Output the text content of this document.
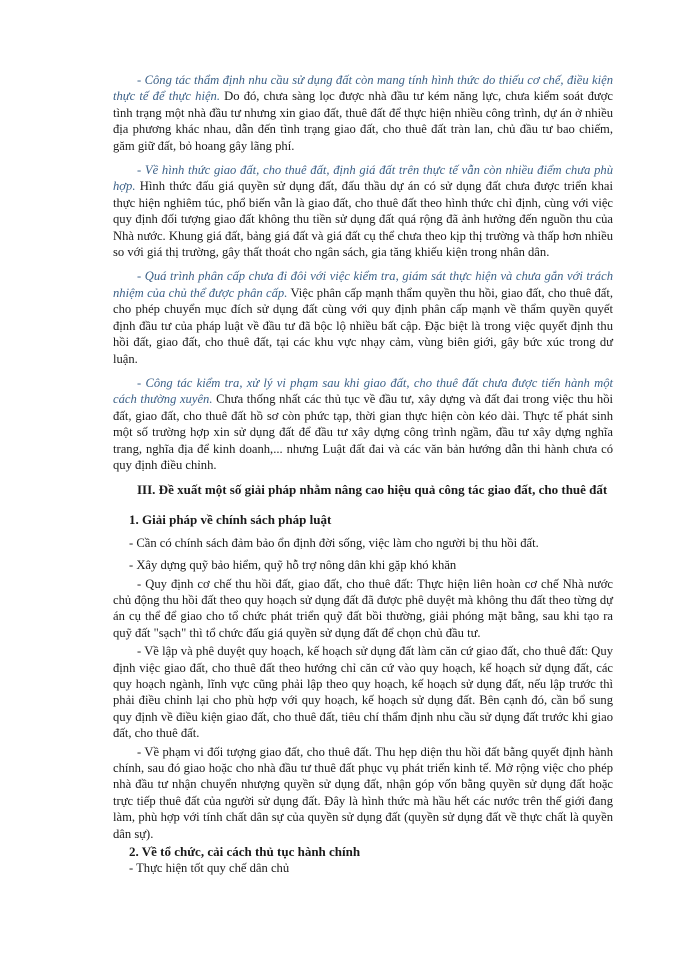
- Công tác thẩm định nhu cầu sử dụng đất còn mang tính hình thức do thiếu cơ chế, điều kiện thực tế để thực hiện. Do đó, chưa sàng lọc được nhà đầu tư kém năng lực, chưa kiểm soát được tình trạng một nhà đầu tư nhưng xin giao đất, thuê đất để thực hiện nhiều công trình, dự án ở nhiều địa phương khác nhau, dẫn đến tình trạng giao đất, cho thuê đất tràn lan, chủ đầu tư bao chiếm, găm giữ đất, bỏ hoang gây lãng phí.

- Về hình thức giao đất, cho thuê đất, định giá đất trên thực tế vẫn còn nhiều điểm chưa phù hợp. Hình thức đấu giá quyền sử dụng đất, đấu thầu dự án có sử dụng đất chưa được triển khai thực hiện nghiêm túc, phổ biến vẫn là giao đất, cho thuê đất theo hình thức chỉ định, cùng với việc quy định đối tượng giao đất không thu tiền sử dụng đất quá rộng đã ảnh hưởng đến nguồn thu của Nhà nước. Khung giá đất, bảng giá đất và giá đất cụ thể chưa theo kịp thị trường và thấp hơn nhiều so với giá thị trường, gây thất thoát cho ngân sách, gia tăng khiếu kiện trong nhân dân.

- Quá trình phân cấp chưa đi đôi với việc kiểm tra, giám sát thực hiện và chưa gắn với trách nhiệm của chủ thể được phân cấp. Việc phân cấp mạnh thẩm quyền thu hồi, giao đất, cho thuê đất, cho phép chuyển mục đích sử dụng đất cùng với quy định phân cấp mạnh về thẩm quyền quyết định đầu tư của pháp luật về đầu tư đã bộc lộ nhiều bất cập. Đặc biệt là trong việc quyết định thu hồi đất, giao đất, cho thuê đất, tại các khu vực nhạy cảm, vùng biên giới, gây bức xúc trong dư luận.

- Công tác kiểm tra, xử lý vi phạm sau khi giao đất, cho thuê đất chưa được tiến hành một cách thường xuyên. Chưa thống nhất các thủ tục về đầu tư, xây dựng và đất đai trong việc thu hồi đất, giao đất, cho thuê đất hồ sơ còn phức tạp, thời gian thực hiện còn kéo dài. Thực tế phát sinh một số trường hợp xin sử dụng đất để đầu tư xây dựng công trình ngầm, đầu tư xây dựng nghĩa trang, nghĩa địa để kinh doanh,... nhưng Luật đất đai và các văn bản hướng dẫn thi hành chưa có quy định điều chỉnh.

III. Đề xuất một số giải pháp nhằm nâng cao hiệu quả công tác giao đất, cho thuê đất

1. Giải pháp về chính sách pháp luật

- Cần có chính sách đảm bảo ổn định đời sống, việc làm cho người bị thu hồi đất.

- Xây dựng quỹ bảo hiểm, quỹ hỗ trợ nông dân khi gặp khó khăn

- Quy định cơ chế thu hồi đất, giao đất, cho thuê đất: Thực hiện liên hoàn cơ chế Nhà nước chủ động thu hồi đất theo quy hoạch sử dụng đất đã được phê duyệt mà không thu đất theo từng dự án cụ thể để giao cho tổ chức phát triển quỹ đất bồi thường, giải phóng mặt bằng, sau khi tạo ra quỹ đất "sạch" thì tổ chức đấu giá quyền sử dụng đất để chọn chủ đầu tư.

- Về lập và phê duyệt quy hoạch, kế hoạch sử dụng đất làm căn cứ giao đất, cho thuê đất: Quy định việc giao đất, cho thuê đất theo hướng chỉ căn cứ vào quy hoạch, kế hoạch sử dụng đất, các quy hoạch ngành, lĩnh vực cũng phải lập theo quy hoạch, kế hoạch sử dụng đất, nếu lập trước thì phải điều chỉnh lại cho phù hợp với quy hoạch, kế hoạch sử dụng đất. Bên cạnh đó, cần bổ sung quy định về điều kiện giao đất, cho thuê đất, tiêu chí thẩm định nhu cầu sử dụng đất trước khi giao đất, cho thuê đất.

- Về phạm vi đối tượng giao đất, cho thuê đất. Thu hẹp diện thu hồi đất bằng quyết định hành chính, sau đó giao hoặc cho nhà đầu tư thuê đất phục vụ phát triển kinh tế. Mở rộng việc cho phép nhà đầu tư nhận chuyển nhượng quyền sử dụng đất, nhận góp vốn bằng quyền sử dụng đất hoặc trực tiếp thuê đất của người sử dụng đất. Đây là hình thức mà hầu hết các nước trên thế giới đang làm, phù hợp với tính chất dân sự của quyền sử dụng đất (quyền sử dụng đất về thực chất là quyền dân sự).

2. Về tổ chức, cải cách thủ tục hành chính

- Thực hiện tốt quy chế dân chủ
